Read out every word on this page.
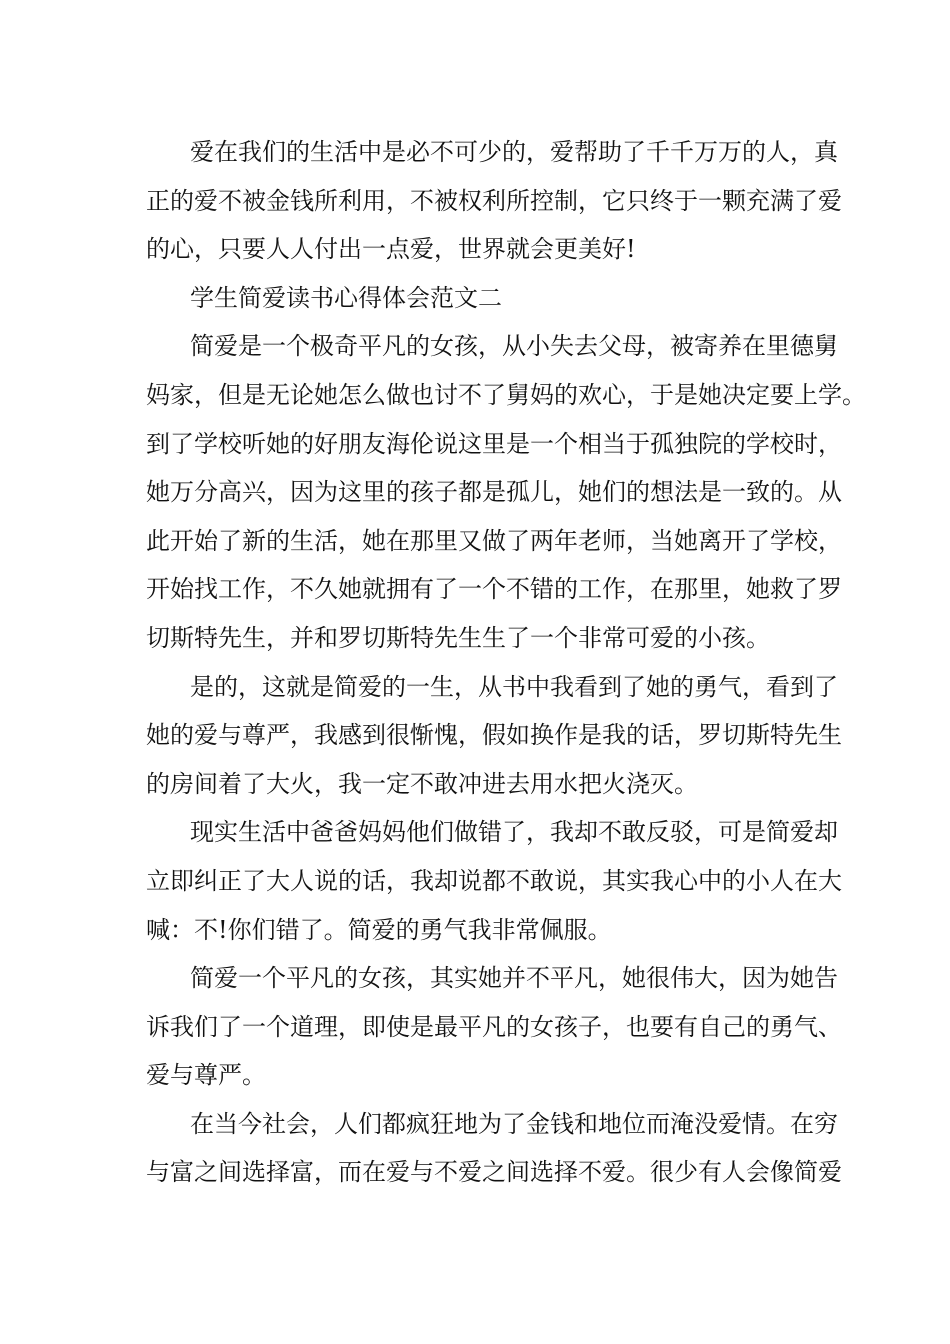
爱在我们的生活中是必不可少的，爱帮助了千千万万的人，真
正的爱不被金钱所利用，不被权利所控制，它只终于一颗充满了爱
的心，只要人人付出一点爱，世界就会更美好!

学生简爱读书心得体会范文二

简爱是一个极奇平凡的女孩，从小失去父母，被寄养在里德舅
妈家，但是无论她怎么做也讨不了舅妈的欢心，于是她决定要上学。
到了学校听她的好朋友海伦说这里是一个相当于孤独院的学校时，
她万分高兴，因为这里的孩子都是孤儿，她们的想法是一致的。从
此开始了新的生活，她在那里又做了两年老师，当她离开了学校，
开始找工作，不久她就拥有了一个不错的工作，在那里，她救了罗
切斯特先生，并和罗切斯特先生生了一个非常可爱的小孩。

是的，这就是简爱的一生，从书中我看到了她的勇气，看到了
她的爱与尊严，我感到很惭愧，假如换作是我的话，罗切斯特先生
的房间着了大火，我一定不敢冲进去用水把火浇灭。

现实生活中爸爸妈妈他们做错了，我却不敢反驳，可是简爱却
立即纠正了大人说的话，我却说都不敢说，其实我心中的小人在大
喊：不!你们错了。简爱的勇气我非常佩服。

简爱一个平凡的女孩，其实她并不平凡，她很伟大，因为她告
诉我们了一个道理，即使是最平凡的女孩子，也要有自己的勇气、
爱与尊严。

在当今社会，人们都疯狂地为了金钱和地位而淹没爱情。在穷
与富之间选择富，而在爱与不爱之间选择不爱。很少有人会像简爱
